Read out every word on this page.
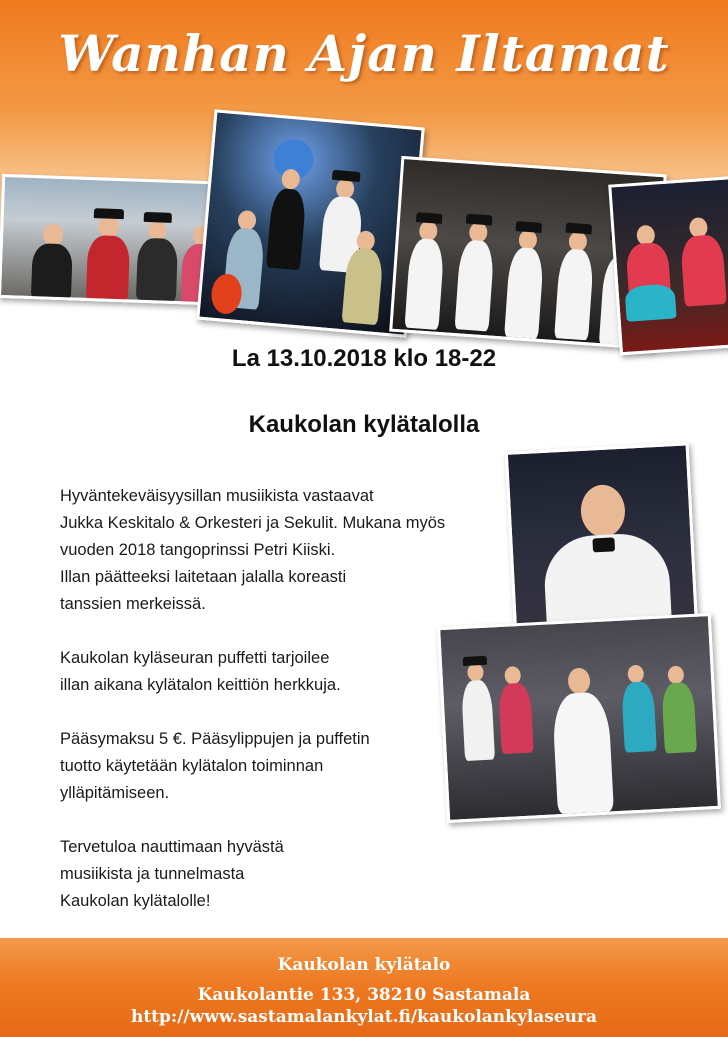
Wanhan Ajan Iltamat
La 13.10.2018 klo 18-22
Kaukolan kylätalolla

Hyväntekeväisyysillan musiikista vastaavat
Jukka Keskitalo & Orkesteri ja Sekulit. Mukana myös
vuoden 2018 tangoprinssi Petri Kiiski.
Illan päätteeksi laitetaan jalalla koreasti
tanssien merkeissä.

Kaukolan kyläseuran puffetti tarjoilee
illan aikana kylätalon keittiön herkkuja.

Pääsymaksu 5 €. Pääsylippujen ja puffetin
tuotto käytetään kylätalon toiminnan
ylläpitämiseen.

Tervetuloa nauttimaan hyvästä
musiikista ja tunnelmasta
Kaukolan kylätalolle!

Kaukolan kylätalo
Kaukolantie 133, 38210 Sastamala
http://www.sastamalankylat.fi/kaukolankylaseura
